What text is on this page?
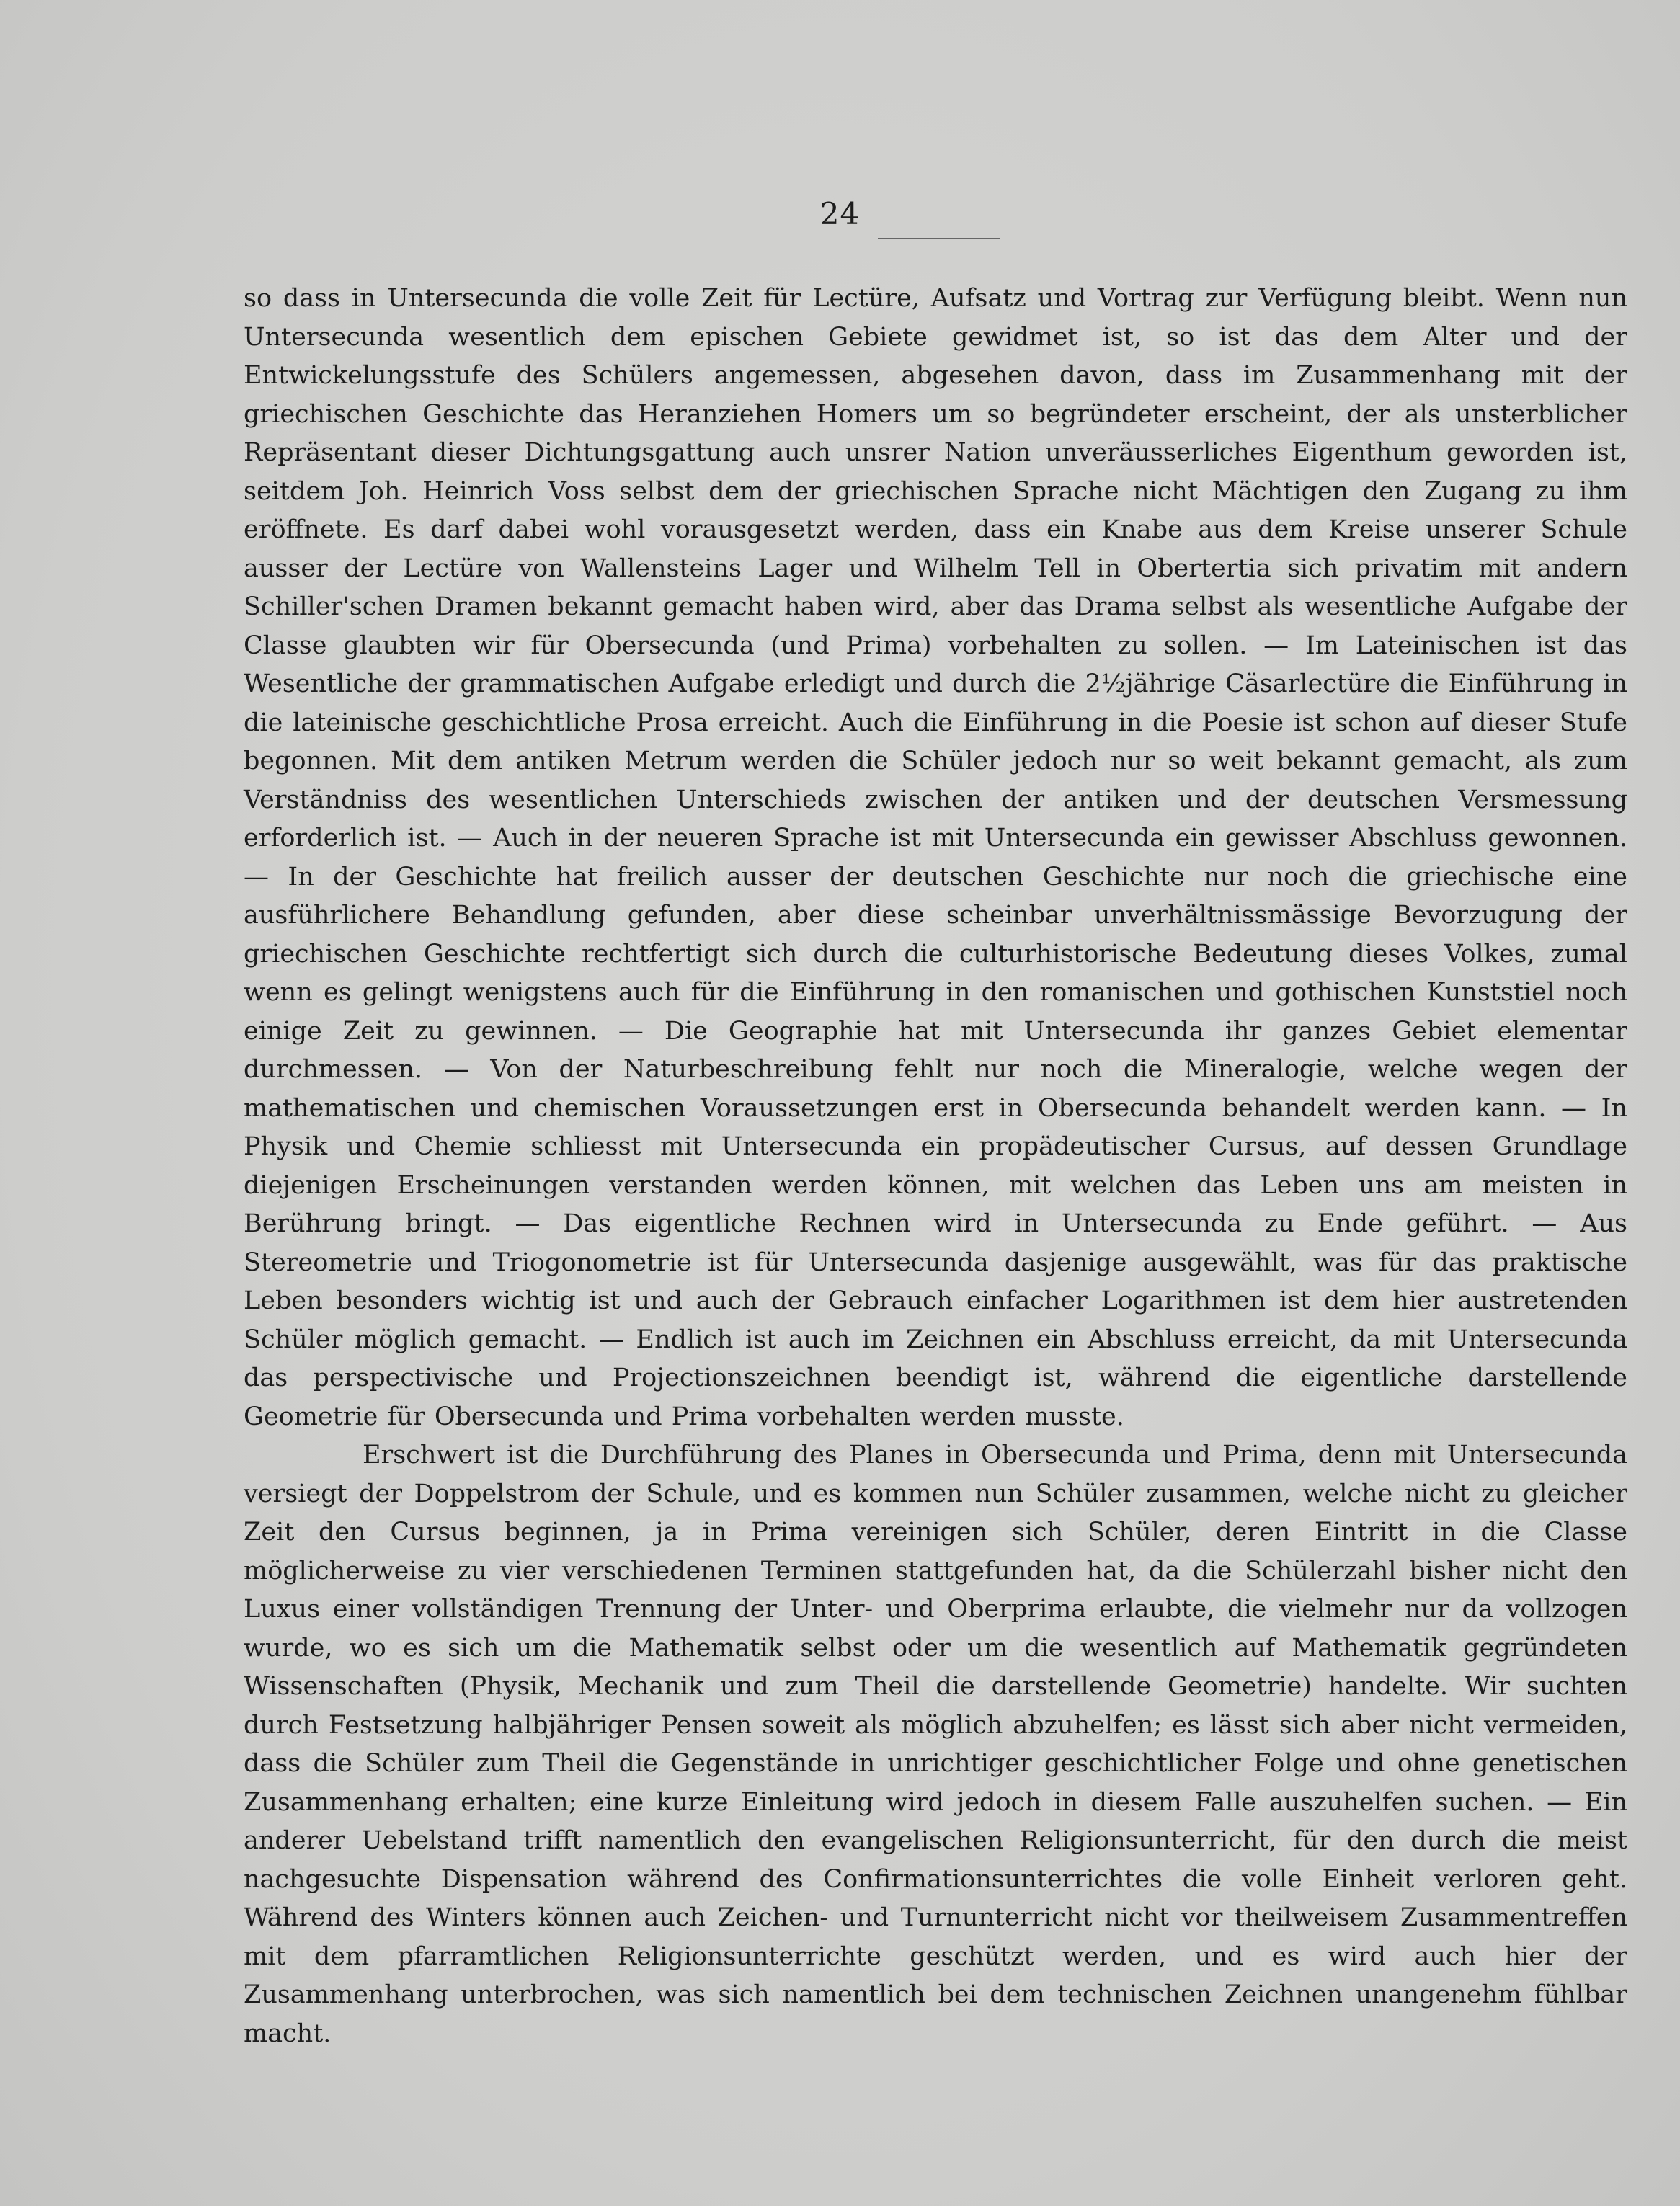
24

so dass in Untersecunda die volle Zeit für Lectüre, Aufsatz und Vortrag zur Verfügung bleibt. Wenn nun Untersecunda wesentlich dem epischen Gebiete gewidmet ist, so ist das dem Alter und der Entwickelungsstufe des Schülers angemessen, abgesehen davon, dass im Zusammenhang mit der griechischen Geschichte das Heranziehen Homers um so begründeter erscheint, der als unsterblicher Repräsentant dieser Dichtungsgattung auch unsrer Nation unveräusserliches Eigenthum geworden ist, seitdem Joh. Heinrich Voss selbst dem der griechischen Sprache nicht Mächtigen den Zugang zu ihm eröffnete. Es darf dabei wohl vorausgesetzt werden, dass ein Knabe aus dem Kreise unserer Schule ausser der Lectüre von Wallensteins Lager und Wilhelm Tell in Obertertia sich privatim mit andern Schiller'schen Dramen bekannt gemacht haben wird, aber das Drama selbst als wesentliche Aufgabe der Classe glaubten wir für Obersecunda (und Prima) vorbehalten zu sollen. — Im Lateinischen ist das Wesentliche der grammatischen Aufgabe erledigt und durch die 2½jährige Cäsarlectüre die Einführung in die lateinische geschichtliche Prosa erreicht. Auch die Einführung in die Poesie ist schon auf dieser Stufe begonnen. Mit dem antiken Metrum werden die Schüler jedoch nur so weit bekannt gemacht, als zum Verständniss des wesentlichen Unterschieds zwischen der antiken und der deutschen Versmessung erforderlich ist. — Auch in der neueren Sprache ist mit Untersecunda ein gewisser Abschluss gewonnen. — In der Geschichte hat freilich ausser der deutschen Geschichte nur noch die griechische eine ausführlichere Behandlung gefunden, aber diese scheinbar unverhältnissmässige Bevorzugung der griechischen Geschichte rechtfertigt sich durch die culturhistorische Bedeutung dieses Volkes, zumal wenn es gelingt wenigstens auch für die Einführung in den romanischen und gothischen Kunststiel noch einige Zeit zu gewinnen. — Die Geographie hat mit Untersecunda ihr ganzes Gebiet elementar durchmessen. — Von der Naturbeschreibung fehlt nur noch die Mineralogie, welche wegen der mathematischen und chemischen Voraussetzungen erst in Obersecunda behandelt werden kann. — In Physik und Chemie schliesst mit Untersecunda ein propädeutischer Cursus, auf dessen Grundlage diejenigen Erscheinungen verstanden werden können, mit welchen das Leben uns am meisten in Berührung bringt. — Das eigentliche Rechnen wird in Untersecunda zu Ende geführt. — Aus Stereometrie und Triogonometrie ist für Untersecunda dasjenige ausgewählt, was für das praktische Leben besonders wichtig ist und auch der Gebrauch einfacher Logarithmen ist dem hier austretenden Schüler möglich gemacht. — Endlich ist auch im Zeichnen ein Abschluss erreicht, da mit Untersecunda das perspectivische und Projectionszeichnen beendigt ist, während die eigentliche darstellende Geometrie für Obersecunda und Prima vorbehalten werden musste.

Erschwert ist die Durchführung des Planes in Obersecunda und Prima, denn mit Untersecunda versiegt der Doppelstrom der Schule, und es kommen nun Schüler zusammen, welche nicht zu gleicher Zeit den Cursus beginnen, ja in Prima vereinigen sich Schüler, deren Eintritt in die Classe möglicherweise zu vier verschiedenen Terminen stattgefunden hat, da die Schülerzahl bisher nicht den Luxus einer vollständigen Trennung der Unter- und Oberprima erlaubte, die vielmehr nur da vollzogen wurde, wo es sich um die Mathematik selbst oder um die wesentlich auf Mathematik gegründeten Wissenschaften (Physik, Mechanik und zum Theil die darstellende Geometrie) handelte. Wir suchten durch Festsetzung halbjähriger Pensen soweit als möglich abzuhelfen; es lässt sich aber nicht vermeiden, dass die Schüler zum Theil die Gegenstände in unrichtiger geschichtlicher Folge und ohne genetischen Zusammenhang erhalten; eine kurze Einleitung wird jedoch in diesem Falle auszuhelfen suchen. — Ein anderer Uebelstand trifft namentlich den evangelischen Religionsunterricht, für den durch die meist nachgesuchte Dispensation während des Confirmationsunterrichtes die volle Einheit verloren geht. Während des Winters können auch Zeichen- und Turnunterricht nicht vor theilweisem Zusammentreffen mit dem pfarramtlichen Religionsunterrichte geschützt werden, und es wird auch hier der Zusammenhang unterbrochen, was sich namentlich bei dem technischen Zeichnen unangenehm fühlbar macht.
